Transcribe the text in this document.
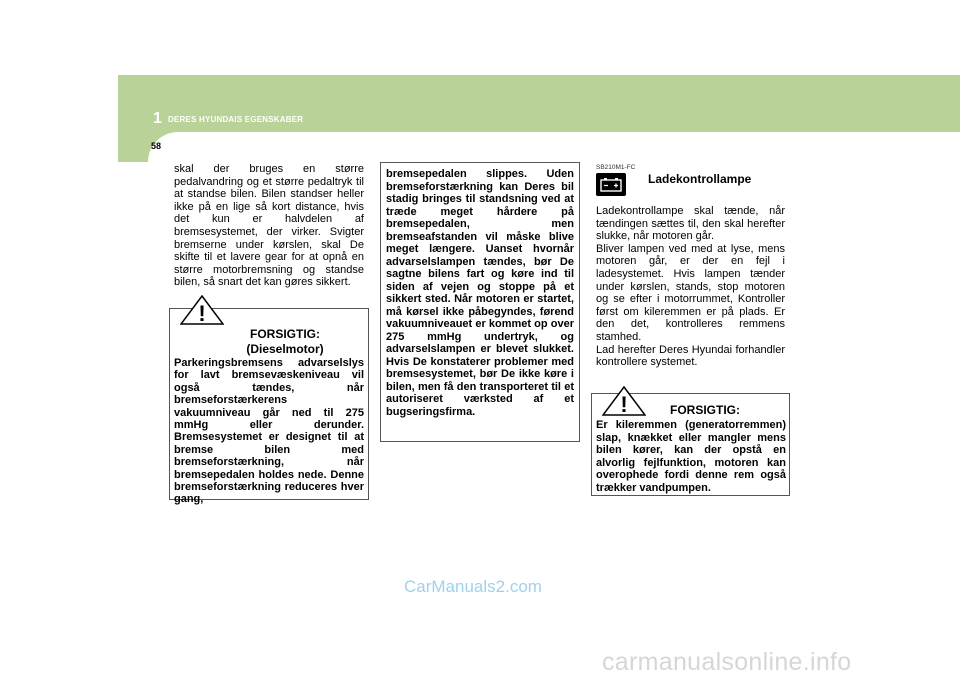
1 DERES HYUNDAIS EGENSKABER
58

skal der bruges en større pedalvandring og et større pedaltryk til at standse bilen. Bilen standser heller ikke på en lige så kort distance, hvis det kun er halvdelen af bremsesystemet, der virker. Svigter bremserne under kørslen, skal De skifte til et lavere gear for at opnå en større motorbremsning og standse bilen, så snart det kan gøres sikkert.

!
FORSIGTIG:
(Dieselmotor)
Parkeringsbremsens advarselslys for lavt bremsevæskeniveau vil også tændes, når bremseforstærkerens vakuumniveau går ned til 275 mmHg eller derunder. Bremsesystemet er designet til at bremse bilen med bremseforstærkning, når bremsepedalen holdes nede. Denne bremseforstærkning reduceres hver gang,
bremsepedalen slippes. Uden bremseforstærkning kan Deres bil stadig bringes til standsning ved at træde meget hårdere på bremsepedalen, men bremseafstanden vil måske blive meget længere. Uanset hvornår advarselslampen tændes, bør De sagtne bilens fart og køre ind til siden af vejen og stoppe på et sikkert sted. Når motoren er startet, må kørsel ikke påbegyndes, førend vakuumniveauet er kommet op over 275 mmHg undertryk, og advarselslampen er blevet slukket. Hvis De konstaterer problemer med bremsesystemet, bør De ikke køre i bilen, men få den transporteret til et autoriseret værksted af et bugseringsfirma.
SB210M1-FC
Ladekontrollampe

Ladekontrollampe skal tænde, når tændingen sættes til, den skal herefter slukke, når motoren går.

Bliver lampen ved med at lyse, mens motoren går, er der en fejl i ladesystemet. Hvis lampen tænder under kørslen, stands, stop motoren og se efter i motorrummet, Kontroller først om kileremmen er på plads. Er den det, kontrolleres remmens stamhed.

Lad herefter Deres Hyundai forhandler kontrollere systemet.

!	FORSIGTIG:
Er kileremmen (generatorremmen) slap, knækket eller mangler mens bilen kører, kan der opstå en alvorlig fejlfunktion, motoren kan overophede fordi denne rem også trækker vandpumpen.
CarManuals2.com
carmanualsonline.info
